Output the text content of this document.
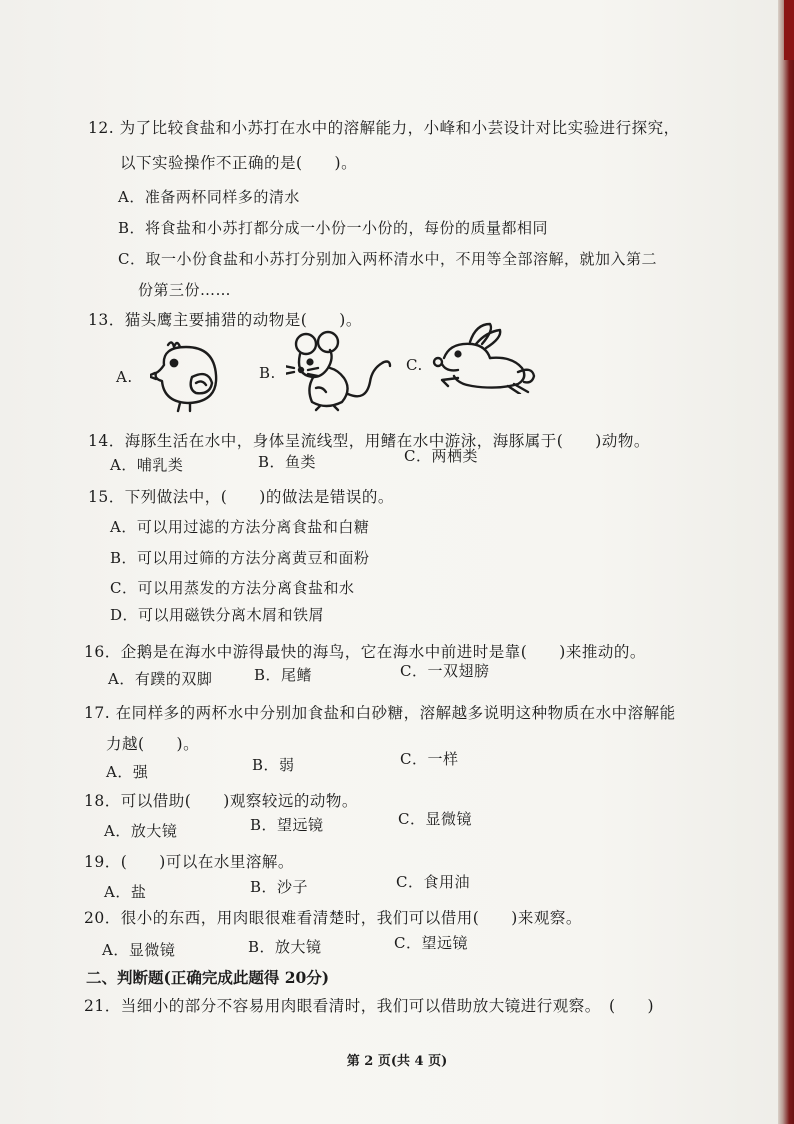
12. 为了比较食盐和小苏打在水中的溶解能力，小峰和小芸设计对比实验进行探究，
以下实验操作不正确的是(　　)。
A．准备两杯同样多的清水
B．将食盐和小苏打都分成一小份一小份的，每份的质量都相同
C．取一小份食盐和小苏打分别加入两杯清水中，不用等全部溶解，就加入第二
份第三份……
13．猫头鹰主要捕猎的动物是(　　)。
A.	B.	C.
14．海豚生活在水中，身体呈流线型，用鳍在水中游泳，海豚属于(　　)动物。
A．哺乳类	B．鱼类	C．两栖类
15．下列做法中，(　　)的做法是错误的。
A．可以用过滤的方法分离食盐和白糖
B．可以用过筛的方法分离黄豆和面粉
C．可以用蒸发的方法分离食盐和水
D．可以用磁铁分离木屑和铁屑
16．企鹅是在海水中游得最快的海鸟，它在海水中前进时是靠(　　)来推动的。
A．有蹼的双脚	B．尾鳍	C．一双翅膀
17. 在同样多的两杯水中分别加食盐和白砂糖，溶解越多说明这种物质在水中溶解能
力越(　　)。
A．强	B．弱	C．一样
18．可以借助(　　)观察较远的动物。
A．放大镜	B．望远镜	C．显微镜
19．(　　)可以在水里溶解。
A．盐	B．沙子	C．食用油
20．很小的东西，用肉眼很难看清楚时，我们可以借用(　　)来观察。
A．显微镜	B．放大镜	C．望远镜
二、判断题(正确完成此题得 20分)
21．当细小的部分不容易用肉眼看清时，我们可以借助放大镜进行观察。　(　　)
第 2 页(共 4 页)
